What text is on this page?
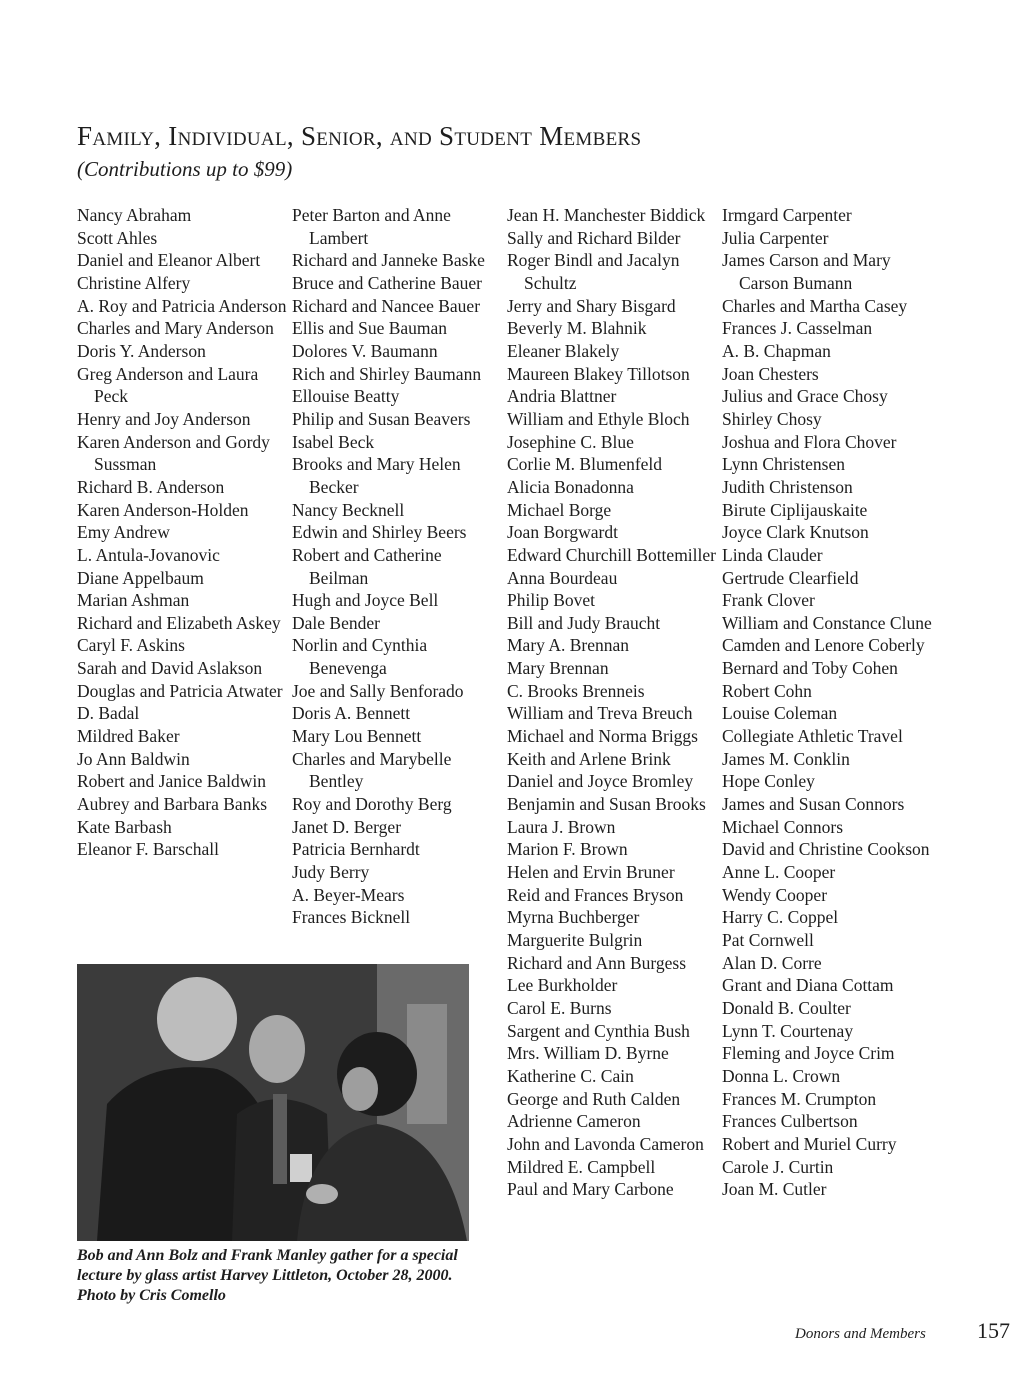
Family, Individual, Senior, and Student Members
(Contributions up to $99)
Nancy Abraham
Scott Ahles
Daniel and Eleanor Albert
Christine Alfery
A. Roy and Patricia Anderson
Charles and Mary Anderson
Doris Y. Anderson
Greg Anderson and Laura Peck
Henry and Joy Anderson
Karen Anderson and Gordy Sussman
Richard B. Anderson
Karen Anderson-Holden
Emy Andrew
L. Antula-Jovanovic
Diane Appelbaum
Marian Ashman
Richard and Elizabeth Askey
Caryl F. Askins
Sarah and David Aslakson
Douglas and Patricia Atwater
D. Badal
Mildred Baker
Jo Ann Baldwin
Robert and Janice Baldwin
Aubrey and Barbara Banks
Kate Barbash
Eleanor F. Barschall
Peter Barton and Anne Lambert
Richard and Janneke Baske
Bruce and Catherine Bauer
Richard and Nancee Bauer
Ellis and Sue Bauman
Dolores V. Baumann
Rich and Shirley Baumann
Ellouise Beatty
Philip and Susan Beavers
Isabel Beck
Brooks and Mary Helen Becker
Nancy Becknell
Edwin and Shirley Beers
Robert and Catherine Beilman
Hugh and Joyce Bell
Dale Bender
Norlin and Cynthia Benevenga
Joe and Sally Benforado
Doris A. Bennett
Mary Lou Bennett
Charles and Marybelle Bentley
Roy and Dorothy Berg
Janet D. Berger
Patricia Bernhardt
Judy Berry
A. Beyer-Mears
Frances Bicknell
Jean H. Manchester Biddick
Sally and Richard Bilder
Roger Bindl and Jacalyn Schultz
Jerry and Shary Bisgard
Beverly M. Blahnik
Eleaner Blakely
Maureen Blakey Tillotson
Andria Blattner
William and Ethyle Bloch
Josephine C. Blue
Corlie M. Blumenfeld
Alicia Bonadonna
Michael Borge
Joan Borgwardt
Edward Churchill Bottemiller
Anna Bourdeau
Philip Bovet
Bill and Judy Braucht
Mary A. Brennan
Mary Brennan
C. Brooks Brenneis
William and Treva Breuch
Michael and Norma Briggs
Keith and Arlene Brink
Daniel and Joyce Bromley
Benjamin and Susan Brooks
Laura J. Brown
Marion F. Brown
Helen and Ervin Bruner
Reid and Frances Bryson
Myrna Buchberger
Marguerite Bulgrin
Richard and Ann Burgess
Lee Burkholder
Carol E. Burns
Sargent and Cynthia Bush
Mrs. William D. Byrne
Katherine C. Cain
George and Ruth Calden
Adrienne Cameron
John and Lavonda Cameron
Mildred E. Campbell
Paul and Mary Carbone
Irmgard Carpenter
Julia Carpenter
James Carson and Mary Carson Bumann
Charles and Martha Casey
Frances J. Casselman
A. B. Chapman
Joan Chesters
Julius and Grace Chosy
Shirley Chosy
Joshua and Flora Chover
Lynn Christensen
Judith Christenson
Birute Ciplijauskaite
Joyce Clark Knutson
Linda Clauder
Gertrude Clearfield
Frank Clover
William and Constance Clune
Camden and Lenore Coberly
Bernard and Toby Cohen
Robert Cohn
Louise Coleman
Collegiate Athletic Travel
James M. Conklin
Hope Conley
James and Susan Connors
Michael Connors
David and Christine Cookson
Anne L. Cooper
Wendy Cooper
Harry C. Coppel
Pat Cornwell
Alan D. Corre
Grant and Diana Cottam
Donald B. Coulter
Lynn T. Courtenay
Fleming and Joyce Crim
Donna L. Crown
Frances M. Crumpton
Frances Culbertson
Robert and Muriel Curry
Carole J. Curtin
Joan M. Cutler
Bob and Ann Bolz and Frank Manley gather for a special lecture by glass artist Harvey Littleton, October 28, 2000. Photo by Cris Comello
Donors and Members 157
